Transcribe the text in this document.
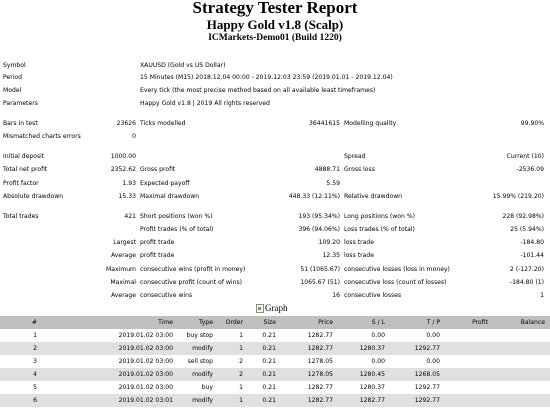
Strategy Tester Report
Happy Gold v1.8 (Scalp)
ICMarkets-Demo01 (Build 1220)
Symbol	XAUUSD (Gold vs US Dollar)
Period	15 Minutes (M15) 2018.12.04 00:00 - 2019.12.03 23:59 (2019.01.01 - 2019.12.04)
Model	Every tick (the most precise method based on all available least timeframes)
Parameters	Happy Gold v1.8 | 2019 All rights reserved
Bars in test	23626 Ticks modelled	36441615 Modelling quality	99.90%
Mismatched charts errors	0
Initial deposit	1000.00	Spread	Current (10)
Total net profit	2352.62 Gross profit	4888.71 Gross loss	-2536.09
Profit factor	1.93 Expected payoff	5.59
Absolute drawdown	15.33 Maximal drawdown	448.33 (12.11%) Relative drawdown	15.99% (219.20)
Total trades	421 Short positions (won %)	193 (95.34%) Long positions (won %)	228 (92.98%)
Profit trades (% of total)	396 (94.06%) Loss trades (% of total)	25 (5.94%)
Largest profit trade	109.20 loss trade	-184.80
Average profit trade	12.35 loss trade	-101.44
Maximum consecutive wins (profit in money)	51 (1065.67) consecutive losses (loss in money)	2 (-127.20)
Maximal consecutive profit (count of wins)	1065.67 (51) consecutive loss (count of losses)	-184.80 (1)
Average consecutive wins	16 consecutive losses	1
Graph
#	Time	Type Order	Size	Price	S / L	T / P	Profit	Balance
1	2019.01.02 03:00 buy stop	1	0.21	1282.77	0.00	0.00
2	2019.01.02 03:00	modify	1	0.21	1282.77	1280.37	1292.77
3	2019.01.02 03:00 sell stop	2	0.21	1278.05	0.00	0.00
4	2019.01.02 03:00	modify	2	0.21	1278.05	1280.45	1268.05
5	2019.01.02 03:00	buy	1	0.21	1282.77	1280.37	1292.77
6	2019.01.02 03:01	modify	1	0.21	1282.77	1282.77	1292.77
